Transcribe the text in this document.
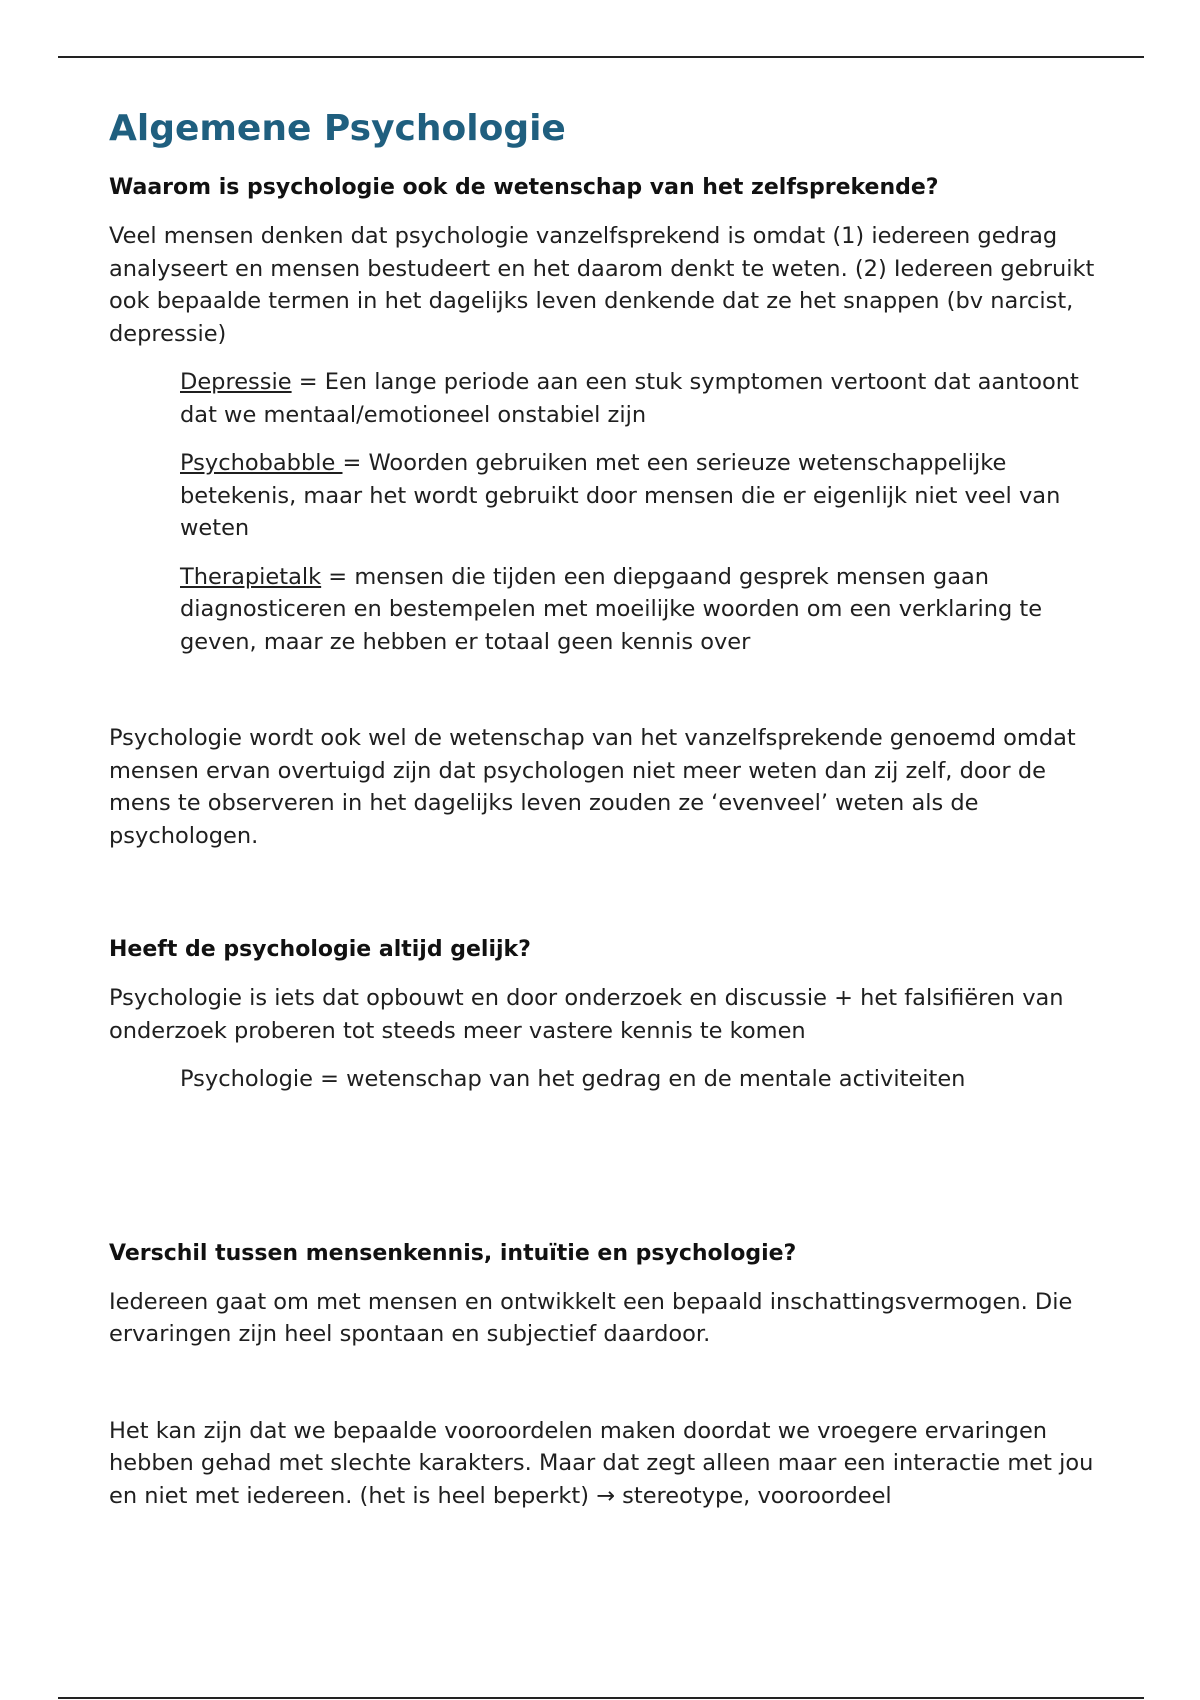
Algemene Psychologie
Waarom is psychologie ook de wetenschap van het zelfsprekende?

Veel mensen denken dat psychologie vanzelfsprekend is omdat (1) iedereen gedrag analyseert en mensen bestudeert en het daarom denkt te weten. (2) Iedereen gebruikt ook bepaalde termen in het dagelijks leven denkende dat ze het snappen (bv narcist, depressie)

Depressie = Een lange periode aan een stuk symptomen vertoont dat aantoont dat we mentaal/emotioneel onstabiel zijn

Psychobabble = Woorden gebruiken met een serieuze wetenschappelijke betekenis, maar het wordt gebruikt door mensen die er eigenlijk niet veel van weten

Therapietalk = mensen die tijden een diepgaand gesprek mensen gaan diagnosticeren en bestempelen met moeilijke woorden om een verklaring te geven, maar ze hebben er totaal geen kennis over

Psychologie wordt ook wel de wetenschap van het vanzelfsprekende genoemd omdat mensen ervan overtuigd zijn dat psychologen niet meer weten dan zij zelf, door de mens te observeren in het dagelijks leven zouden ze ‘evenveel’ weten als de psychologen.

Heeft de psychologie altijd gelijk?

Psychologie is iets dat opbouwt en door onderzoek en discussie + het falsifiëren van onderzoek proberen tot steeds meer vastere kennis te komen

Psychologie = wetenschap van het gedrag en de mentale activiteiten

Verschil tussen mensenkennis, intuïtie en psychologie?

Iedereen gaat om met mensen en ontwikkelt een bepaald inschattingsvermogen. Die ervaringen zijn heel spontaan en subjectief daardoor.

Het kan zijn dat we bepaalde vooroordelen maken doordat we vroegere ervaringen hebben gehad met slechte karakters. Maar dat zegt alleen maar een interactie met jou en niet met iedereen. (het is heel beperkt) → stereotype, vooroordeel
